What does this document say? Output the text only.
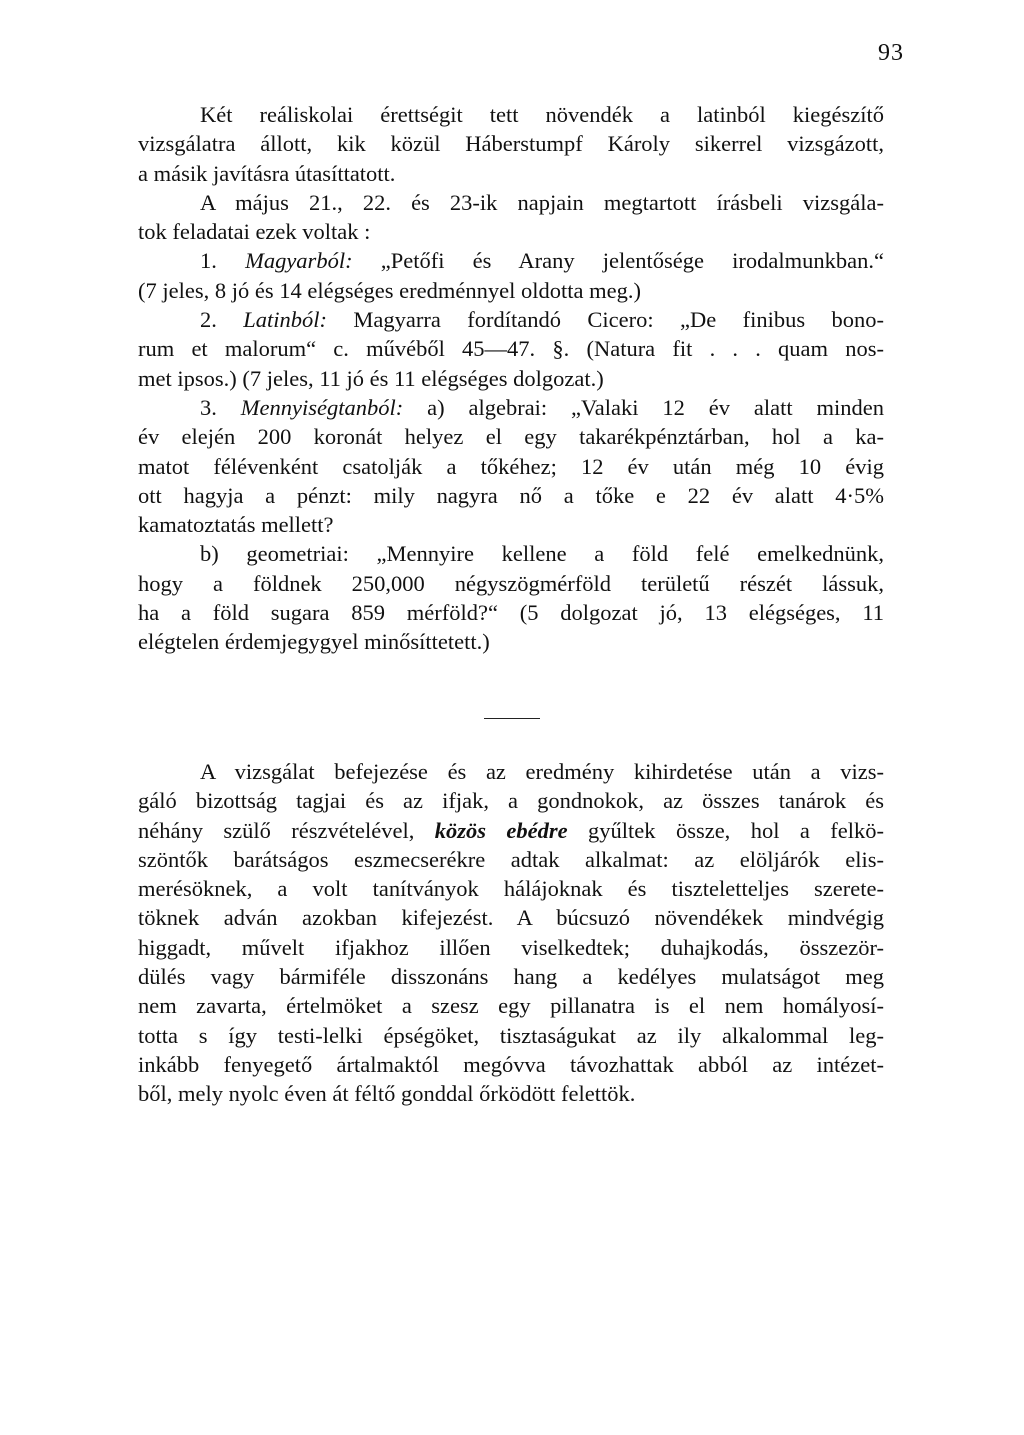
93

Két reáliskolai érettségit tett növendék a latinból kiegészítő

vizsgálatra állott, kik közül Háberstumpf Károly sikerrel vizsgázott,

a másik javításra útasíttatott.

A május 21., 22. és 23-ik napjain megtartott írásbeli vizsgála-

tok feladatai ezek voltak :

1. Magyarból: „Petőfi és Arany jelentősége irodalmunkban.“

(7 jeles, 8 jó és 14 elégséges eredménnyel oldotta meg.)

2. Latinból: Magyarra fordítandó Cicero: „De finibus bono-

rum et malorum“ c. művéből 45—47. §. (Natura fit . . . quam nos-

met ipsos.) (7 jeles, 11 jó és 11 elégséges dolgozat.)

3. Mennyiségtanból: a) algebrai: „Valaki 12 év alatt minden

év elején 200 koronát helyez el egy takarékpénztárban, hol a ka-

matot félévenként csatolják a tőkéhez; 12 év után még 10 évig

ott hagyja a pénzt: mily nagyra nő a tőke e 22 év alatt 4·5%

kamatoztatás mellett?

b) geometriai: „Mennyire kellene a föld felé emelkednünk,

hogy a földnek 250,000 négyszögmérföld területű részét lássuk,

ha a föld sugara 859 mérföld?“ (5 dolgozat jó, 13 elégséges, 11

elégtelen érdemjegygyel minősíttetett.)

A vizsgálat befejezése és az eredmény kihirdetése után a vizs-

gáló bizottság tagjai és az ifjak, a gondnokok, az összes tanárok és

néhány szülő részvételével, közös ebédre gyűltek össze, hol a felkö-

szöntők barátságos eszmecserékre adtak alkalmat: az elöljárók elis-

merésöknek, a volt tanítványok hálájoknak és tiszteletteljes szerete-

töknek adván azokban kifejezést. A búcsuzó növendékek mindvégig

higgadt, művelt ifjakhoz illően viselkedtek; duhajkodás, összezör-

dülés vagy bármiféle disszonáns hang a kedélyes mulatságot meg

nem zavarta, értelmöket a szesz egy pillanatra is el nem homályosí-

totta s így testi-lelki épségöket, tisztaságukat az ily alkalommal leg-

inkább fenyegető ártalmaktól megóvva távozhattak abból az intézet-

ből, mely nyolc éven át féltő gonddal őrködött felettök.
